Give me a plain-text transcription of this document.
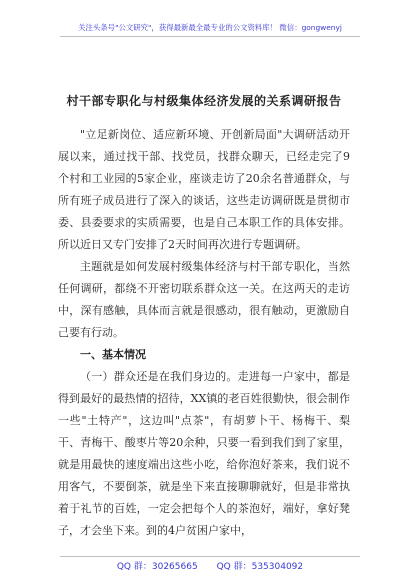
关注头条号"公文研究"，获得最新最全最专业的公文资料库！ 微信：gongwenyj
村干部专职化与村级集体经济发展的关系调研报告

"立足新岗位、适应新环境、开创新局面"大调研活动开展以来，通过找干部、找党员，找群众聊天，已经走完了9个村和工业园的5家企业，座谈走访了20余名普通群众，与所有班子成员进行了深入的谈话，这些走访调研既是贯彻市委、县委要求的实质需要，也是自己本职工作的具体安排。所以近日又专门安排了2天时间再次进行专题调研。

主题就是如何发展村级集体经济与村干部专职化，当然任何调研，都绕不开密切联系群众这一关。在这两天的走访中，深有感触，具体而言就是很感动，很有触动，更激励自己要有行动。

一、基本情况

（一）群众还是在我们身边的。走进每一户家中，都是得到最好的最热情的招待，XX镇的老百姓很勤快，很会制作一些"土特产"，这边叫"点茶"，有胡萝卜干、杨梅干、梨干、青梅干、酸枣片等20余种，只要一看到我们到了家里，就是用最快的速度端出这些小吃，给你泡好茶来，我们说不用客气，不要倒茶，就是坐下来直接聊聊就好，但是非常执着于礼节的百姓，一定会把每个人的茶泡好，端好，拿好凳子，才会坐下来。到的4户贫困户家中，

QQ 群：30265665 QQ 群：535304092
